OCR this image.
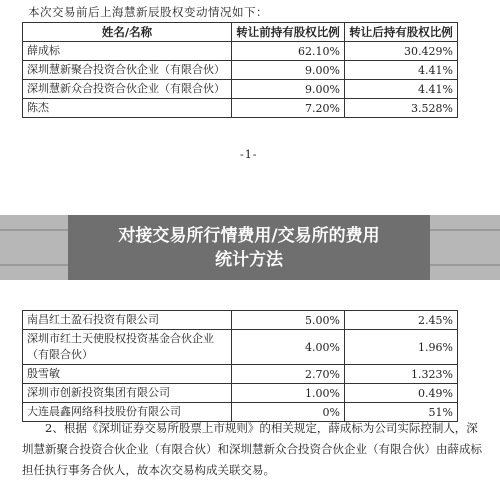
本次交易前后上海慧新辰股权变动情况如下：
姓名/名称	转让前持有股权比例	转让后持有股权比例
薛成标	62.10%	30.429%
深圳慧新聚合投资合伙企业（有限合伙）	9.00%	4.41%
深圳慧新众合投资合伙企业（有限合伙）	9.00%	4.41%
陈杰	7.20%	3.528%
-1-
对接交易所行情费用/交易所的费用
统计方法
南昌红土盈石投资有限公司	5.00%	2.45%
深圳市红土天使股权投资基金合伙企业（有限合伙）	4.00%	1.96%
殷雪敏	2.70%	1.323%
深圳市创新投资集团有限公司	1.00%	0.49%
大连晨鑫网络科技股份有限公司	0%	51%
2、根据《深圳证券交易所股票上市规则》的相关规定，薛成标为公司实际控制人，深圳慧新聚合投资合伙企业（有限合伙）和深圳慧新众合投资合伙企业（有限合伙）由薛成标担任执行事务合伙人，故本次交易构成关联交易。
